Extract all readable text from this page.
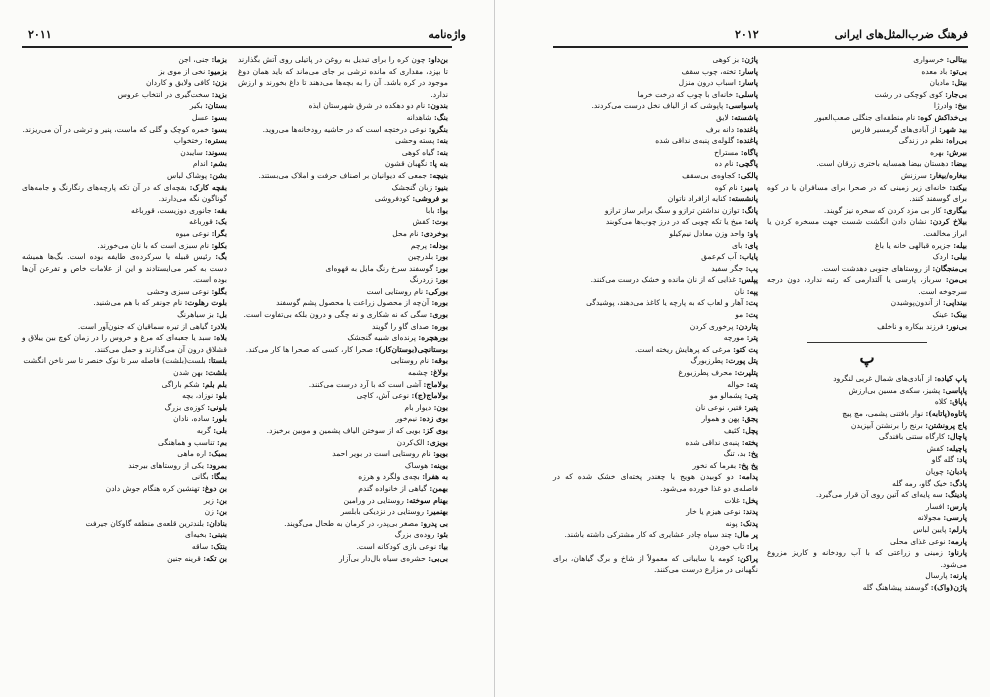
۲۰۱۱	واژه‌نامه

بزما: جنی، اجن

بزمیو: نخی از موی بز

بزن: کافی ولایق و کاردان

بزید: سخت‌گیری در انتخاب عروس

بستان: بکیر

بسو: عسل

بسو: خمره کوچک و گلی که ماست، پنیر و ترشی در آن می‌ریزند.

بستره: رختخواب

بسوند: سایبدن

بشم: اندام

بشن: پوشاک لباس

بقچه کارک: بقچه‌ای که در آن تکه پارچه‌های رنگارنگ و جامه‌های گوناگون نگه می‌دارند.

بقه: جانوری دوزیست، قورباغه

بک: قورباغه

بگرا: نوعی میوه

بکلو: نام سبزی است که با نان می‌خورند.

بگ: رئیس قبیله یا سرکرده‌ی طایفه بوده است. بگ‌ها همیشه دست به کمر می‌ایستادند و این از علامات خاص و تفرعن آن‌ها بوده است.

بگلو: نوعی سبزی وحشی

بلوت رهلوت: نام جونفر که با هم می‌شنید.

بل: بز سیاهرنگ

بلادر: گیاهی از تیره سماقیان که جنون‌آور است.

بلاه: سبد یا جعبه‌ای که مرغ و خروس را در زمان کوچ بین ییلاق و قشلاق درون آن می‌گذارند و حمل می‌کنند.

بلستا: بلست(بلشت) فاصله سر تا نوک خنصر تا سر ناخن انگشت

بلشت: بهن شدن

بلم بلم: شکم باراگی

بلو: نوزاد، بچه

بلونی: کوزه‌ی بزرگ

بلور: ساده، نادان

بلی: گربه

بم: تناسب و هماهنگی

بمبک: اره ماهی

بمرود: یکی از روستاهای بیرجند

بمگا: بگانی

بن دوغ: تهنشین کره هنگام جوش دادن

بن: زیر

بن: زن

بنادان: بلندترین قلعه‌ی منطقه گاوکان جیرفت

بنبنی: بخیه‌ای

بنتک: ساقه

بن تکه: قرینه جنین

بن‌داو: چون کره را برای تبدیل به روغن در پاتیلی روی آتش بگذارند تا بپزد، مقداری که مانده ترشی بر جای می‌ماند که باید همان دوغ موجود در کره باشد. آن را به بچه‌ها می‌دهند تا داغ بخورند و ارزش ندارد.

بندون: نام دو دهکده در شرق شهرستان ایذه

بنگ: شاهدانه

بنگرو: نوعی درختچه است که در حاشیه رودخانه‌ها می‌روید.

بنه: پسته وحشی

بنه: گیاه کوهی

بنه پا: نگهبان قشون

بنیچه: جمعی که دیوانیان بر اصناف حرفت و املاک می‌بستند.

بنیو: زبان گنجشک

بو فروشی: کودفروشی

بوا: بابا

بوت: کفش

بوخردی: نام محل

بودله: پرچم

بور: بلدرچین

بور: گوسفند سرخ رنگ مایل به قهوه‌ای

بور: زردرنگ

بورکی: نام روستایی است

بوره: آن‌چه از محصول زراعت یا محصول پشم گوسفند

بوری: سگی که نه شکاری و نه چگی و درون بلکه بی‌تفاوت است.

بوره: صدای گاو را گویند

بورهچره: پرنده‌ای شبیه گنجشک

بوستانچی(بوستان‌کار): صحرا کار، کسی که صحرا ها کار می‌کند.

بوقه: نام روستایی

بولاغ: چشمه

بولاماج: آشی است که با آرد درست می‌کنند.

بولاماج(ج): نوعی آش، کاچی

بون: دیوار بام

بوی زده: نیم‌خور

بوی کز: بویی که از سوختن الیاف پشمین و موبین برخیزد.

بویزی: الک‌کردن

بویو: نام روستایی است در بویر احمد

بوینه: هوساک

به هفرا: بچه‌ی ولگرد و هرزه

بهمن: گیاهی از خانواده گندم

بهنام سوخته: روستایی در ورامین

بهنمیر: روستایی در نزدیکی بابلسر

بی پدرو: مصغر بی‌پدر، در کرمان به طحال می‌گویند.

بئو: روده‌ی بزرگ

بیا: نوعی بازی کودکانه است.

بی‌بی: حشره‌ی سیاه بال‌دار بی‌آزار

۲۰۱۲	فرهنگ ضرب‌المثل‌های ایرانی

پاژن: بز کوهی

پاسار: تخته، چوب سقف

پاسار: اسباب درون منزل

پاسلی: خانه‌ای با چوب که درخت خرما

پاسواسی: پاپوشی که از الیاف نخل درست می‌کردند.

پاشسته: لایق

پاغنده: دانه برف

پاغنده: گلوله‌ی پنبه‌ی نداقی شده

پاگاه: مستراح

پاگچی: نام ده

پالکی: کجاوه‌ی بی‌سقف

پامیر: نام کوه

پانشسته: کنایه ازافراد ناتوان

پانگ: توازن نداشتن ترازو و سنگ برابر ساز ترازو

پانه: میخ یا تکه چوبی که در درز چوب‌ها می‌کوبند

پاو: واحد وزن معادل نیم‌کیلو

پای: بای

پایاب: آب کم‌عمق

پب: جگر سفید

پپلس: غذایی که از نان مانده و خشک درست می‌کنند.

پپه: نان

پت: آهار و لعاب که به پارچه یا کاغذ می‌دهند، پوشیدگی

پت: مو

پتاردن: پرخوری کردن

پتر: مورچه

پت کتو: مرغی که پرهایش ریخته است.

پتل پورت: پطرزبورگ

پتلپرت: محرف پطرزبورغ

پته: حواله

پتی: پشمالو مو

پتیر: فتیر، نوعی نان

پجق: پهن و هموار

پچل: کثیف

پخته: پنبه‌ی نداقی شده

پخ: بد، تنگ

پخ پخ: بفرما که نخور

پدامه: دو کوبیدن هویج یا چغندر پخته‌ای خشک شده که در فاصله‌ی دو غذا خورده می‌شود.

پخل: غلات

پدند: نوعی هیزم یا خار

پدنک: پونه

پر مال: چند سیاه چادر عشایری که کار مشترکی داشته باشند.

پرا: تاب خوردن

پراکن: کومه یا سایبانی که معمولاً از شاخ و برگ گیاهان، برای نگهبانی در مزارع درست می‌کنند.

بیتالی: خرسواری

بی‌تو: باد معده

بیتل: مادیان

بی‌جار: کوی کوچکی در رشت

بیخ: وادرژا

بی‌خداکش کوه: نام منطقه‌ای جنگلی صعب‌العبور

بید شهر: از آبادی‌های گرمسیر فارس

بی‌راه: نظم در زندگی

بیرش: بهره

بیضا: دهستان بیضا همسایه باختری زرقان است.

بیغاره/بیغار: سرزنش

بیکند: خانه‌ای زیر زمینی که در صحرا برای مسافران یا در کوه برای گوسفند کنند.

بیگاری: کار بی مزد کردن که سخره نیز گویند.

بیلاخ کردن: نشان دادن انگشت شست جهت مسخره کردن یا ابراز مخالفت.

بیله: جزیره قبالهی خانه یا باغ

بیلی: اردک

بی‌منجگان: از روستاهای جنوبی دهدشت است.

بی‌من: سرباز، پارسی یا آلتدارمی که رتبه ندارد، دون درجه سرجوخه است.

بینداپی: از آندون‌پوشیدن

بینک: عینک

بی‌نور: فرزند بیکاره و ناخلف

پ

پاپ کیاده: از آبادی‌های شمال غربی لنگرود

پاپاسی: پشیز، سکه‌ی مسین بی‌ارزش

پاپاق: کلاه

پاتاوه(پاتابه): نوار بافتنی پشمی، مچ پیچ

پاج پرونشتن: برنج را برنشتن آبپزیدن

پاچال: کارگاه ستنی بافندگی

پاچیله: کفش

پاد: گله گاو

پادبان: چوپان

پادگ: خیک گاو، رمه گله

پادینگ: سه پایه‌ای که آتین روی آن قرار می‌گیرد.

پارس: افسار

پارسی: مجولانه

پارلم: پایین لباس

پارمه: نوعی غذای محلی

پارناو: زمینی و زراعتی که با آب رودخانه و کاریز مزروع می‌شود.

پارنه: پارسال

پاژن(واک): گوسفند پیشاهنگ گله
